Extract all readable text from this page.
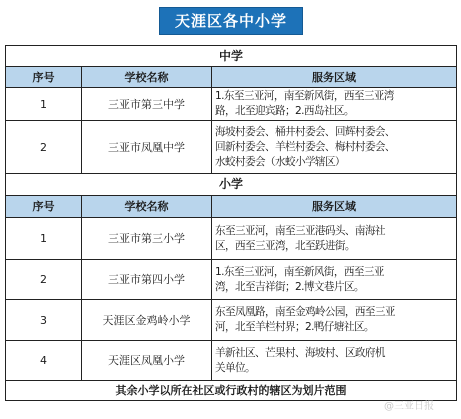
天涯区各中小学
中学		
序号	学校名称	服务区域
1	三亚市第三中学	1.东至三亚河，南至新风街，西至三亚湾
路，北至迎宾路；2.西岛社区。

2	三亚市凤凰中学	海坡村委会、桶井村委会、回辉村委会、
回新村委会、羊栏村委会、梅村村委会、
水蛟村委会（水蛟小学辖区）

小学		
序号	学校名称	服务区域
1	三亚市第三小学	东至三亚河，南至三亚港码头、南海社
区，西至三亚湾，北至跃进街。

2	三亚市第四小学	1.东至三亚河，南至新风街，西至三亚
湾，北至吉祥街；2.博文巷片区。

3	天涯区金鸡岭小学	东至凤凰路，南至金鸡岭公园，西至三亚
河，北至羊栏村界；2.鸭仔塘社区。

4	天涯区凤凰小学	羊新社区、芒果村、海坡村、区政府机
关单位。

其余小学以所在社区或行政村的辖区为划片范围		
@三亚日报
